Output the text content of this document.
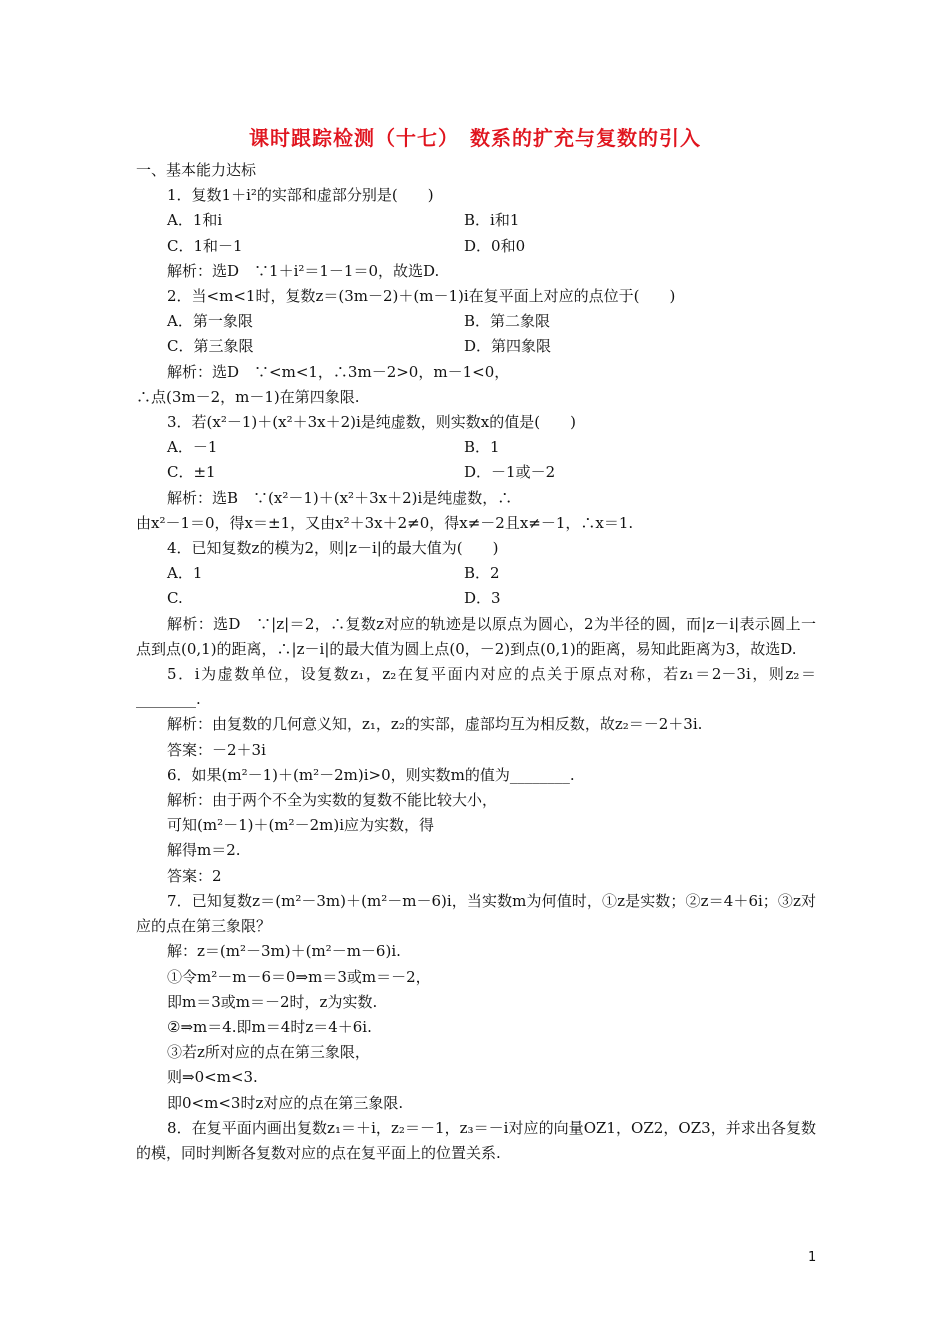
课时跟踪检测（十七）　数系的扩充与复数的引入

一、基本能力达标

1．复数1＋i²的实部和虚部分别是(　　)

A．1和i	B．i和1
C．1和－1	D．0和0

解析：选D　∵1＋i²＝1－1＝0，故选D.

2．当<m<1时，复数z＝(3m－2)＋(m－1)i在复平面上对应的点位于(　　)

A．第一象限	B．第二象限
C．第三象限	D．第四象限

解析：选D　∵<m<1，∴3m－2>0，m－1<0，

∴点(3m－2，m－1)在第四象限.

3．若(x²－1)＋(x²＋3x＋2)i是纯虚数，则实数x的值是(　　)

A．－1	B．1
C．±1	D．－1或－2

解析：选B　∵(x²－1)＋(x²＋3x＋2)i是纯虚数，∴

由x²－1＝0，得x＝±1，又由x²＋3x＋2≠0，得x≠－2且x≠－1，∴x＝1.

4．已知复数z的模为2，则|z－i|的最大值为(　　)

A．1	B．2
C.	D．3

解析：选D　∵|z|＝2，∴复数z对应的轨迹是以原点为圆心，2为半径的圆，而|z－i|表示圆上一点到点(0,1)的距离，∴|z－i|的最大值为圆上点(0，－2)到点(0,1)的距离，易知此距离为3，故选D.

5．i为虚数单位，设复数z₁，z₂在复平面内对应的点关于原点对称，若z₁＝2－3i，则z₂＝________.

解析：由复数的几何意义知，z₁，z₂的实部，虚部均互为相反数，故z₂＝－2＋3i.

答案：－2＋3i

6．如果(m²－1)＋(m²－2m)i>0，则实数m的值为________.

解析：由于两个不全为实数的复数不能比较大小，

可知(m²－1)＋(m²－2m)i应为实数，得

解得m＝2.

答案：2

7．已知复数z＝(m²－3m)＋(m²－m－6)i，当实数m为何值时，①z是实数；②z＝4＋6i；③z对应的点在第三象限？

解：z＝(m²－3m)＋(m²－m－6)i.

①令m²－m－6＝0⇒m＝3或m＝－2，

即m＝3或m＝－2时，z为实数.

②⇒m＝4.即m＝4时z＝4＋6i.

③若z所对应的点在第三象限，

则⇒0<m<3.

即0<m<3时z对应的点在第三象限.

8．在复平面内画出复数z₁＝＋i，z₂＝－1，z₃＝－i对应的向量OZ1，OZ2，OZ3，并求出各复数的模，同时判断各复数对应的点在复平面上的位置关系.

1
